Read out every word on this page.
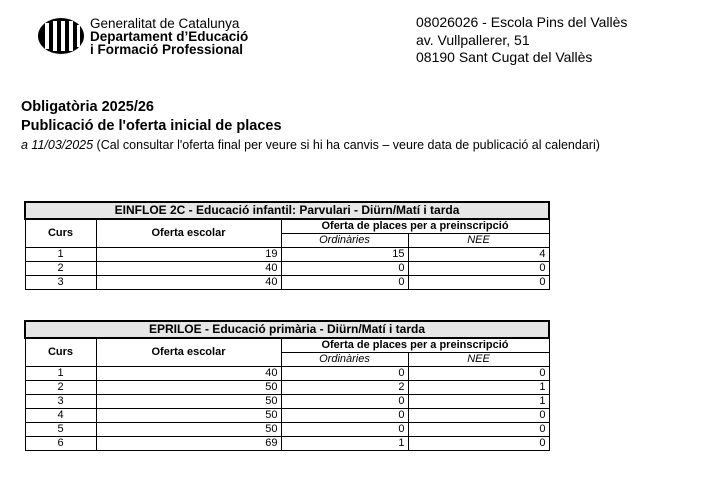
Generalitat de Catalunya
Departament d’Educació
i Formació Professional
08026026 - Escola Pins del Vallès
av. Vullpallerer, 51
08190 Sant Cugat del Vallès
Obligatòria 2025/26
Publicació de l'oferta inicial de places
a 11/03/2025 (Cal consultar l'oferta final per veure si hi ha canvis – veure data de publicació al calendari)
EINFLOE 2C - Educació infantil: Parvulari - Diürn/Matí i tarda			
Curs	Oferta escolar	Oferta de places per a preinscripció	
		Ordinàries	NEE
1	19	15	4
2	40	0	0
3	40	0	0
EPRILOE - Educació primària - Diürn/Matí i tarda			
Curs	Oferta escolar	Oferta de places per a preinscripció	
		Ordinàries	NEE
1	40	0	0
2	50	2	1
3	50	0	1
4	50	0	0
5	50	0	0
6	69	1	0
